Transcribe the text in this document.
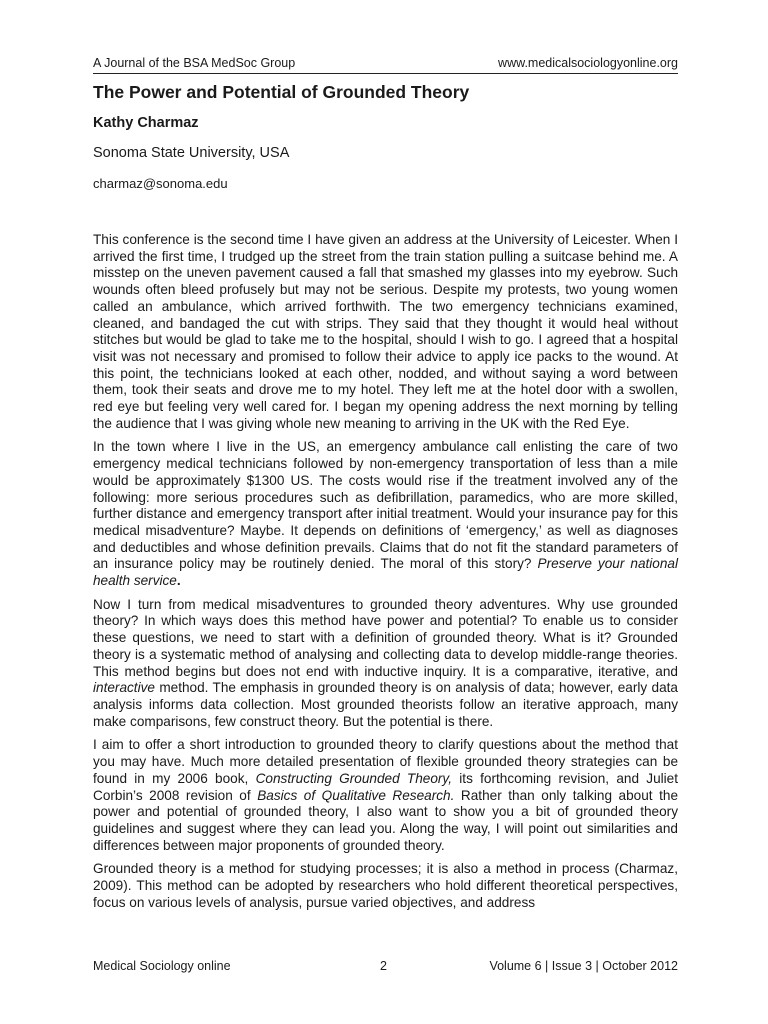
A Journal of the BSA MedSoc Group	www.medicalsociologyonline.org
The Power and Potential of Grounded Theory
Kathy Charmaz
Sonoma State University, USA
charmaz@sonoma.edu

This conference is the second time I have given an address at the University of Leicester. When I arrived the first time, I trudged up the street from the train station pulling a suitcase behind me. A misstep on the uneven pavement caused a fall that smashed my glasses into my eyebrow. Such wounds often bleed profusely but may not be serious. Despite my protests, two young women called an ambulance, which arrived forthwith. The two emergency technicians examined, cleaned, and bandaged the cut with strips. They said that they thought it would heal without stitches but would be glad to take me to the hospital, should I wish to go. I agreed that a hospital visit was not necessary and promised to follow their advice to apply ice packs to the wound. At this point, the technicians looked at each other, nodded, and without saying a word between them, took their seats and drove me to my hotel. They left me at the hotel door with a swollen, red eye but feeling very well cared for. I began my opening address the next morning by telling the audience that I was giving whole new meaning to arriving in the UK with the Red Eye.

In the town where I live in the US, an emergency ambulance call enlisting the care of two emergency medical technicians followed by non-emergency transportation of less than a mile would be approximately $1300 US. The costs would rise if the treatment involved any of the following: more serious procedures such as defibrillation, paramedics, who are more skilled, further distance and emergency transport after initial treatment. Would your insurance pay for this medical misadventure? Maybe. It depends on definitions of ‘emergency,’ as well as diagnoses and deductibles and whose definition prevails. Claims that do not fit the standard parameters of an insurance policy may be routinely denied. The moral of this story? Preserve your national health service.

Now I turn from medical misadventures to grounded theory adventures. Why use grounded theory? In which ways does this method have power and potential? To enable us to consider these questions, we need to start with a definition of grounded theory. What is it? Grounded theory is a systematic method of analysing and collecting data to develop middle-range theories. This method begins but does not end with inductive inquiry. It is a comparative, iterative, and interactive method. The emphasis in grounded theory is on analysis of data; however, early data analysis informs data collection. Most grounded theorists follow an iterative approach, many make comparisons, few construct theory. But the potential is there.

I aim to offer a short introduction to grounded theory to clarify questions about the method that you may have. Much more detailed presentation of flexible grounded theory strategies can be found in my 2006 book, Constructing Grounded Theory, its forthcoming revision, and Juliet Corbin’s 2008 revision of Basics of Qualitative Research. Rather than only talking about the power and potential of grounded theory, I also want to show you a bit of grounded theory guidelines and suggest where they can lead you. Along the way, I will point out similarities and differences between major proponents of grounded theory.

Grounded theory is a method for studying processes; it is also a method in process (Charmaz, 2009). This method can be adopted by researchers who hold different theoretical perspectives, focus on various levels of analysis, pursue varied objectives, and address

Medical Sociology online	2	Volume 6 | Issue 3 | October 2012
